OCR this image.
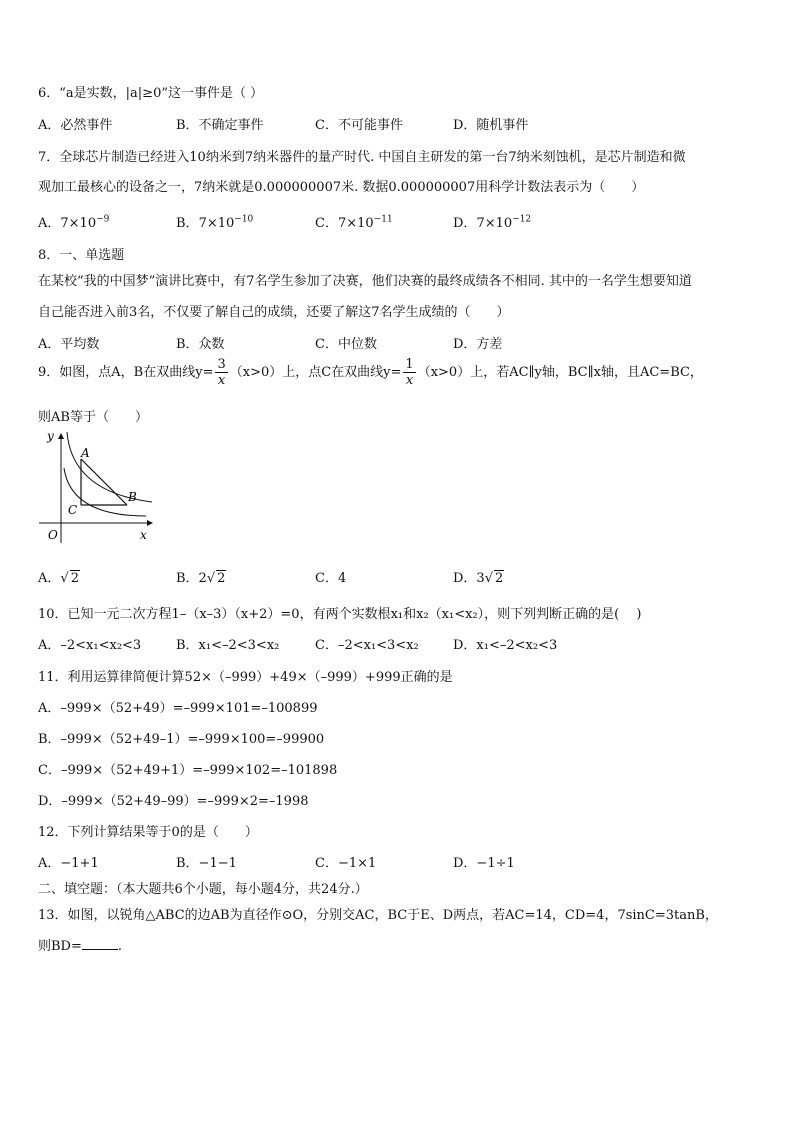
6．“a是实数，|a|≥0”这一事件是（ ）
A．必然事件	B．不确定事件	C．不可能事件	D．随机事件
7．全球芯片制造已经进入10纳米到7纳米器件的量产时代. 中国自主研发的第一台7纳米刻蚀机，是芯片制造和微
观加工最核心的设备之一，7纳米就是0.000000007米. 数据0.000000007用科学计数法表示为（　　）
A．$7\times 10^{-9}$	B．$7\times 10^{-10}$	C．$7\times 10^{-11}$	D．$7\times 10^{-12}$
8．一、单选题
在某校“我的中国梦”演讲比赛中，有7名学生参加了决赛，他们决赛的最终成绩各不相同. 其中的一名学生想要知道
自己能否进入前3名，不仅要了解自己的成绩，还要了解这7名学生成绩的（　　）
A．平均数	B．众数	C．中位数	D．方差
9．如图，点A，B在双曲线$y= \frac{3}{x} (x>0)$上，点C在双曲线$y= \frac{1}{x} (x>0)$上，若AC∥y轴，BC∥x轴，且AC=BC，
则AB等于（　　）
y
x
O
A
B
C
A．√ 2	B．2√ 2	C．4	D．3√ 2
10．已知一元二次方程1–（x–3）（x+2）=0，有两个实数根x₁和x₂（x₁<x₂），则下列判断正确的是(　 )
A．–2<x₁<x₂<3	B．x₁<–2<3<x₂	C．–2<x₁<3<x₂	D．x₁<–2<x₂<3
11．利用运算律简便计算52×（–999）+49×（–999）+999正确的是
A．–999×（52+49）=–999×101=–100899
B．–999×（52+49–1）=–999×100=–99900
C．–999×（52+49+1）=–999×102=–101898
D．–999×（52+49–99）=–999×2=–1998
12．下列计算结果等于0的是（　　）
A．−1+1	B．−1−1	C．−1×1	D．−1÷1
二、填空题：（本大题共6个小题，每小题4分，共24分.）
13．如图，以锐角△ABC的边AB为直径作⊙O，分别交AC，BC于E、D两点，若AC=14，CD=4，7sinC=3tanB，
则BD=	.
